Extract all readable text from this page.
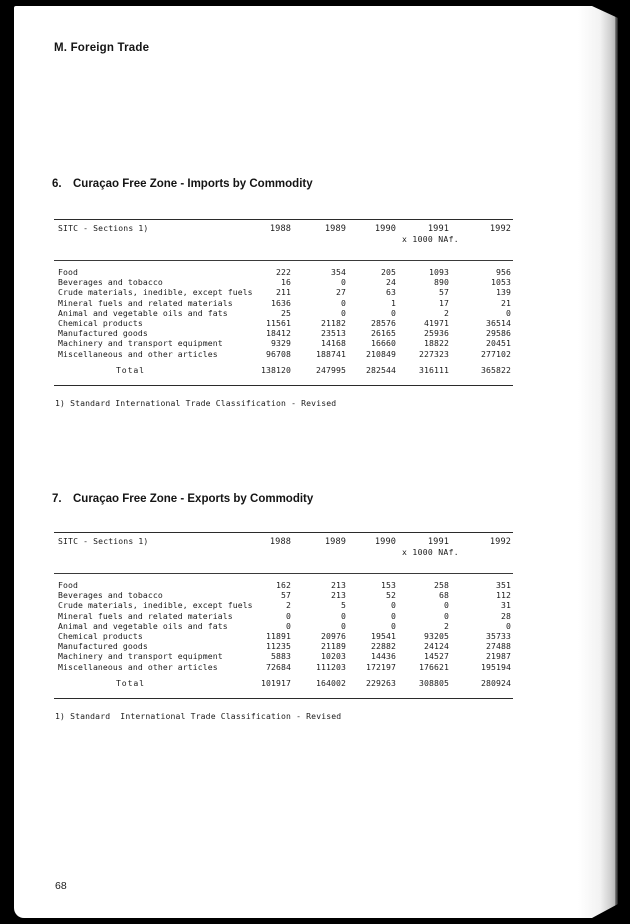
M. Foreign Trade
6. Curaçao Free Zone - Imports by Commodity
SITC - Sections 1)	1988	1989	1990	1991	1992
			x 1000 NAf.		
Food	222	354	205	1093	956
Beverages and tobacco	16	0	24	890	1053
Crude materials, inedible, except fuels	211	27	63	57	139
Mineral fuels and related materials	1636	0	1	17	21
Animal and vegetable oils and fats	25	0	0	2	0
Chemical products	11561	21182	28576	41971	36514
Manufactured goods	18412	23513	26165	25936	29586
Machinery and transport equipment	9329	14168	16660	18822	20451
Miscellaneous and other articles	96708	188741	210849	227323	277102

Total	138120	247995	282544	316111	365822
1) Standard International Trade Classification - Revised
7. Curaçao Free Zone - Exports by Commodity
SITC - Sections 1)	1988	1989	1990	1991	1992
			x 1000 NAf.		
Food	162	213	153	258	351
Beverages and tobacco	57	213	52	68	112
Crude materials, inedible, except fuels	2	5	0	0	31
Mineral fuels and related materials	0	0	0	0	28
Animal and vegetable oils and fats	0	0	0	2	0
Chemical products	11891	20976	19541	93205	35733
Manufactured goods	11235	21189	22882	24124	27488
Machinery and transport equipment	5883	10203	14436	14527	21987
Miscellaneous and other articles	72684	111203	172197	176621	195194

Total	101917	164002	229263	308805	280924
1) Standard  International Trade Classification - Revised
68
